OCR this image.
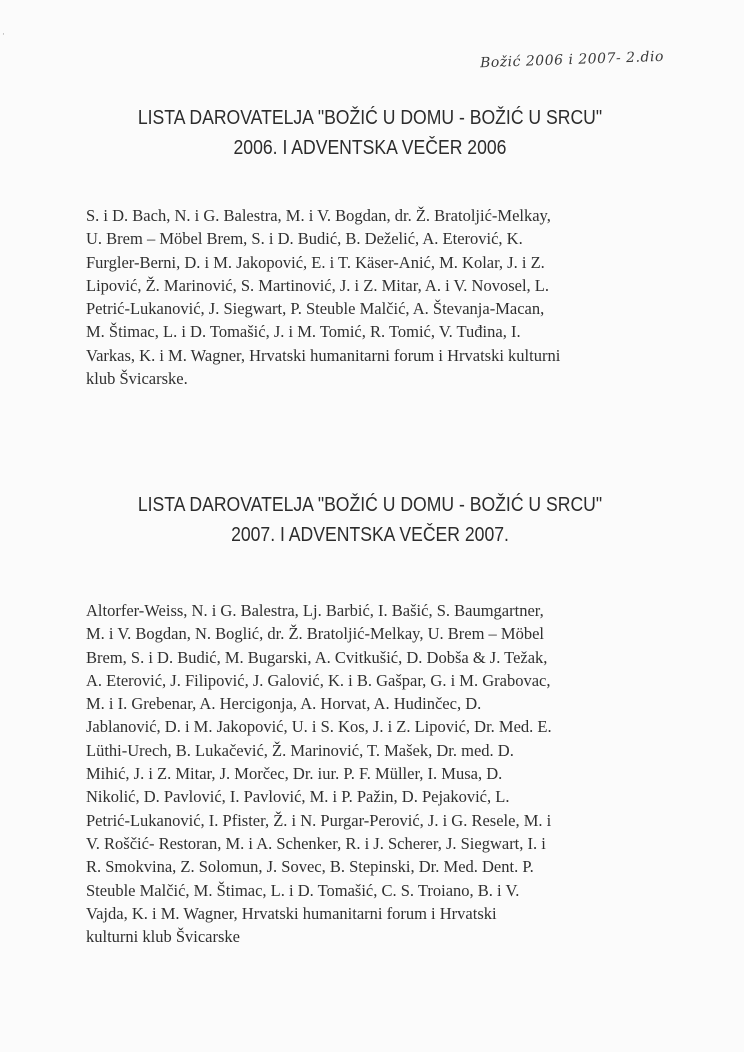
·
Božić 2006 i 2007- 2.dio
LISTA DAROVATELJA "BOŽIĆ U DOMU - BOŽIĆ U SRCU"
2006. I ADVENTSKA VEČER 2006
S. i D. Bach, N. i G. Balestra, M. i V. Bogdan, dr. Ž. Bratoljić-Melkay,
U. Brem – Möbel Brem, S. i D. Budić, B. Deželić, A. Eterović, K.
Furgler-Berni, D. i M. Jakopović, E. i T. Käser-Anić, M. Kolar, J. i Z.
Lipović, Ž. Marinović, S. Martinović, J. i Z. Mitar, A. i V. Novosel, L.
Petrić-Lukanović, J. Siegwart, P. Steuble Malčić, A. Števanja-Macan,
M. Štimac, L. i D. Tomašić, J. i M. Tomić, R. Tomić, V. Tuđina, I.
Varkas, K. i M. Wagner, Hrvatski humanitarni forum i Hrvatski kulturni
klub Švicarske.
LISTA DAROVATELJA "BOŽIĆ U DOMU - BOŽIĆ U SRCU"
2007. I ADVENTSKA VEČER 2007.
Altorfer-Weiss, N. i G. Balestra, Lj. Barbić, I. Bašić, S. Baumgartner,
M. i V. Bogdan, N. Boglić, dr. Ž. Bratoljić-Melkay, U. Brem – Möbel
Brem, S. i D. Budić, M. Bugarski, A. Cvitkušić, D. Dobša & J. Težak,
A. Eterović, J. Filipović, J. Galović, K. i B. Gašpar, G. i M. Grabovac,
M. i I. Grebenar, A. Hercigonja, A. Horvat, A. Hudinčec, D.
Jablanović, D. i M. Jakopović, U. i S. Kos, J. i Z. Lipović, Dr. Med. E.
Lüthi-Urech, B. Lukačević, Ž. Marinović, T. Mašek, Dr. med. D.
Mihić, J. i Z. Mitar, J. Morčec, Dr. iur. P. F. Müller, I. Musa, D.
Nikolić, D. Pavlović, I. Pavlović, M. i P. Pažin, D. Pejaković, L.
Petrić-Lukanović, I. Pfister, Ž. i N. Purgar-Perović, J. i G. Resele, M. i
V. Roščić- Restoran, M. i A. Schenker, R. i J. Scherer, J. Siegwart, I. i
R. Smokvina, Z. Solomun, J. Sovec, B. Stepinski, Dr. Med. Dent. P.
Steuble Malčić, M. Štimac, L. i D. Tomašić, C. S. Troiano, B. i V.
Vajda, K. i M. Wagner, Hrvatski humanitarni forum i Hrvatski
kulturni klub Švicarske
